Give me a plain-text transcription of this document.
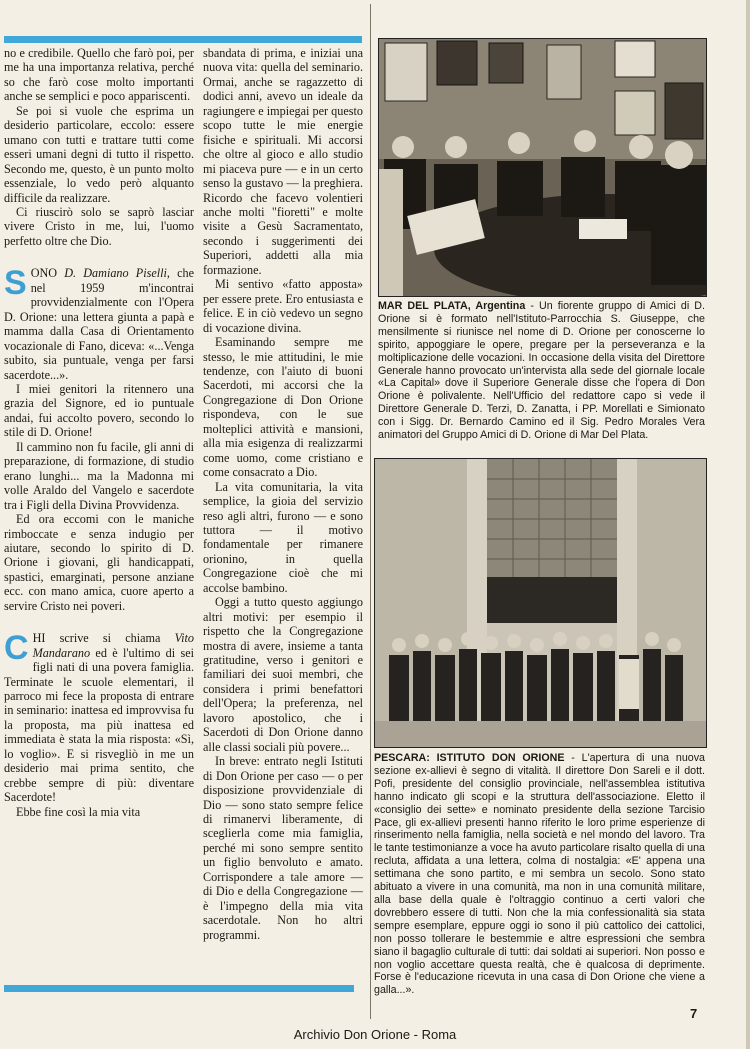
no e credibile. Quello che farò poi, per me ha una importanza relativa, perché so che farò cose molto importanti anche se semplici e poco appariscenti.

Se poi si vuole che esprima un desiderio particolare, eccolo: essere umano con tutti e trattare tutti come esseri umani degni di tutto il rispetto. Secondo me, questo, è un punto molto essenziale, lo vedo però alquanto difficile da realizzare.

Ci riuscirò solo se saprò lasciar vivere Cristo in me, lui, l'uomo perfetto oltre che Dio.

SONO D. Damiano Piselli, che nel 1959 m'incontrai provvidenzialmente con l'Opera D. Orione: una lettera giunta a papà e mamma dalla Casa di Orientamento vocazionale di Fano, diceva: «...Venga subito, sia puntuale, venga per farsi sacerdote...».

I miei genitori la ritennero una grazia del Signore, ed io puntuale andai, fui accolto povero, secondo lo stile di D. Orione!

Il cammino non fu facile, gli anni di preparazione, di formazione, di studio erano lunghi... ma la Madonna mi volle Araldo del Vangelo e sacerdote tra i Figli della Divina Provvidenza.

Ed ora eccomi con le maniche rimboccate e senza indugio per aiutare, secondo lo spirito di D. Orione i giovani, gli handicappati, spastici, emarginati, persone anziane ecc. con mano amica, cuore aperto a servire Cristo nei poveri.

CHI scrive si chiama Vito Mandarano ed è l'ultimo di sei figli nati di una povera famiglia. Terminate le scuole elementari, il parroco mi fece la proposta di entrare in seminario: inattesa ed improvvisa fu la proposta, ma più inattesa ed immediata è stata la mia risposta: «Sì, lo voglio». E si risvegliò in me un desiderio mai prima sentito, che crebbe sempre di più: diventare Sacerdote!

Ebbe fine così la mia vita

sbandata di prima, e iniziai una nuova vita: quella del seminario. Ormai, anche se ragazzetto di dodici anni, avevo un ideale da ragiungere e impiegai per questo scopo tutte le mie energie fisiche e spirituali. Mi accorsi che oltre al gioco e allo studio mi piaceva pure — e in un certo senso la gustavo — la preghiera. Ricordo che facevo volentieri anche molti "fioretti" e molte visite a Gesù Sacramentato, secondo i suggerimenti dei Superiori, addetti alla mia formazione.

Mi sentivo «fatto apposta» per essere prete. Ero entusiasta e felice. E in ciò vedevo un segno di vocazione divina.

Esaminando sempre me stesso, le mie attitudini, le mie tendenze, con l'aiuto di buoni Sacerdoti, mi accorsi che la Congregazione di Don Orione rispondeva, con le sue molteplici attività e mansioni, alla mia esigenza di realizzarmi come uomo, come cristiano e come consacrato a Dio.

La vita comunitaria, la vita semplice, la gioia del servizio reso agli altri, furono — e sono tuttora — il motivo fondamentale per rimanere orionino, in quella Congregazione cioè che mi accolse bambino.

Oggi a tutto questo aggiungo altri motivi: per esempio il rispetto che la Congregazione mostra di avere, insieme a tanta gratitudine, verso i genitori e familiari dei suoi membri, che considera i primi benefattori dell'Opera; la preferenza, nel lavoro apostolico, che i Sacerdoti di Don Orione danno alle classi sociali più povere...

In breve: entrato negli Istituti di Don Orione per caso — o per disposizione provvidenziale di Dio — sono stato sempre felice di rimanervi liberamente, di sceglierla come mia famiglia, perché mi sono sempre sentito un figlio benvoluto e amato. Corrisponderе a tale amore — di Dio e della Congregazione — è l'impegno della mia vita sacerdotale. Non ho altri programmi.

MAR DEL PLATA, Argentina - Un fiorente gruppo di Amici di D. Orione si è formato nell'Istituto-Parrocchia S. Giuseppe, che mensilmente si riunisce nel nome di D. Orione per conoscerne lo spirito, appoggiare le opere, pregare per la perseveranza e la moltiplicazione delle vocazioni. In occasione della visita del Direttore Generale hanno provocato un'intervista alla sede del giornale locale «La Capital» dove il Superiore Generale disse che l'opera di Don Orione è polivalente. Nell'Ufficio del redattore capo si vede il Direttore Generale D. Terzi, D. Zanatta, i PP. Morellati e Simionato con i Sigg. Dr. Bernardo Camino ed il Sig. Pedro Morales Vera animatori del Gruppo Amici di D. Orione di Mar Del Plata.
PESCARA: ISTITUTO DON ORIONE - L'apertura di una nuova sezione ex-allievi è segno di vitalità. Il direttore Don Sareli e il dott. Pofi, presidente del consiglio provinciale, nell'assemblea istitutiva hanno indicato gli scopi e la struttura dell'associazione. Eletto il «consiglio dei sette» e nominato presidente della sezione Tarcisio Pace, gli ex-allievi presenti hanno riferito le loro prime esperienze di rinserimento nella famiglia, nella società e nel mondo del lavoro. Tra le tante testimonianze a voce ha avuto particolare risalto quella di una recluta, affidata a una lettera, colma di nostalgia: «E' appena una settimana che sono partito, e mi sembra un secolo. Sono stato abituato a vivere in una comunità, ma non in una comunità militare, alla base della quale è l'oltraggio continuo a certi valori che dovrebbero essere di tutti. Non che la mia confessionalità sia stata sempre esemplare, eppure oggi io sono il più cattolico dei cattolici, non posso tollerare le bestemmie e altre espressioni che sembra siano il bagaglio culturale di tutti: dai soldati ai superiori. Non posso e non voglio accettare questa realtà, che è qualcosa di deprimente. Forse è l'educazione ricevuta in una casa di Don Orione che viene a galla...».
7
Archivio Don Orione - Roma
